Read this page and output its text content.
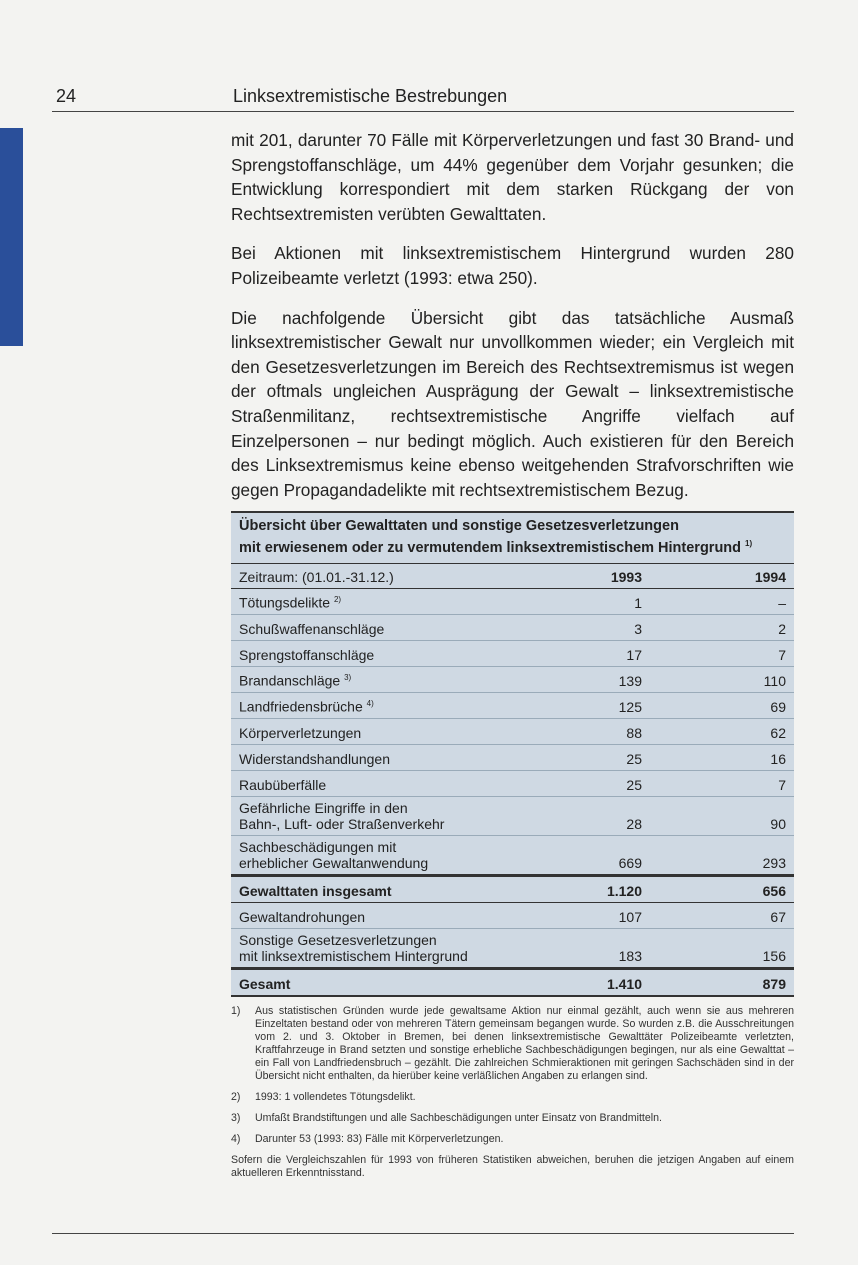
24	Linksextremistische Bestrebungen

mit 201, darunter 70 Fälle mit Körperverletzungen und fast 30 Brand- und Sprengstoffanschläge, um 44% gegenüber dem Vorjahr gesunken; die Entwicklung korrespondiert mit dem starken Rückgang der von Rechtsextremisten verübten Gewalttaten.

Bei Aktionen mit linksextremistischem Hintergrund wurden 280 Polizeibeamte verletzt (1993: etwa 250).

Die nachfolgende Übersicht gibt das tatsächliche Ausmaß linksextremistischer Gewalt nur unvollkommen wieder; ein Vergleich mit den Gesetzesverletzungen im Bereich des Rechtsextremismus ist wegen der oftmals ungleichen Ausprägung der Gewalt – linksextremistische Straßenmilitanz, rechtsextremistische Angriffe vielfach auf Einzelpersonen – nur bedingt möglich. Auch existieren für den Bereich des Linksextremismus keine ebenso weitgehenden Strafvorschriften wie gegen Propagandadelikte mit rechtsextremistischem Bezug.

Übersicht über Gewalttaten und sonstige Gesetzesverletzungen
mit erwiesenem oder zu vermutendem linksextremistischem Hintergrund $^{1)}$
Zeitraum: (01.01.-31.12.)	1993	1994
Tötungsdelikte $^{2)}$	1	–
Schußwaffenanschläge	3	2
Sprengstoffanschläge	17	7
Brandanschläge $^{3)}$	139	110
Landfriedensbrüche $^{4)}$	125	69
Körperverletzungen	88	62
Widerstandshandlungen	25	16
Raubüberfälle	25	7
Gefährliche Eingriffe in den
Bahn-, Luft- oder Straßenverkehr	28	90
Sachbeschädigungen mit
erheblicher Gewaltanwendung	669	293
Gewalttaten insgesamt	1.120	656
Gewaltandrohungen	107	67
Sonstige Gesetzesverletzungen
mit linksextremistischem Hintergrund	183	156
Gesamt	1.410	879
1)	Aus statistischen Gründen wurde jede gewaltsame Aktion nur einmal gezählt, auch wenn sie aus mehreren Einzeltaten bestand oder von mehreren Tätern gemeinsam begangen wurde. So wurden z.B. die Ausschreitungen vom 2. und 3. Oktober in Bremen, bei denen linksextremistische Gewalttäter Polizeibeamte verletzten, Kraftfahrzeuge in Brand setzten und sonstige erhebliche Sachbeschädigungen begingen, nur als eine Gewalttat – ein Fall von Landfriedensbruch – gezählt. Die zahlreichen Schmieraktionen mit geringen Sachschäden sind in der Übersicht nicht enthalten, da hierüber keine verläßlichen Angaben zu erlangen sind.
2)	1993: 1 vollendetes Tötungsdelikt.
3)	Umfaßt Brandstiftungen und alle Sachbeschädigungen unter Einsatz von Brandmitteln.
4)	Darunter 53 (1993: 83) Fälle mit Körperverletzungen.
Sofern die Vergleichszahlen für 1993 von früheren Statistiken abweichen, beruhen die jetzigen Angaben auf einem aktuelleren Erkenntnisstand.
